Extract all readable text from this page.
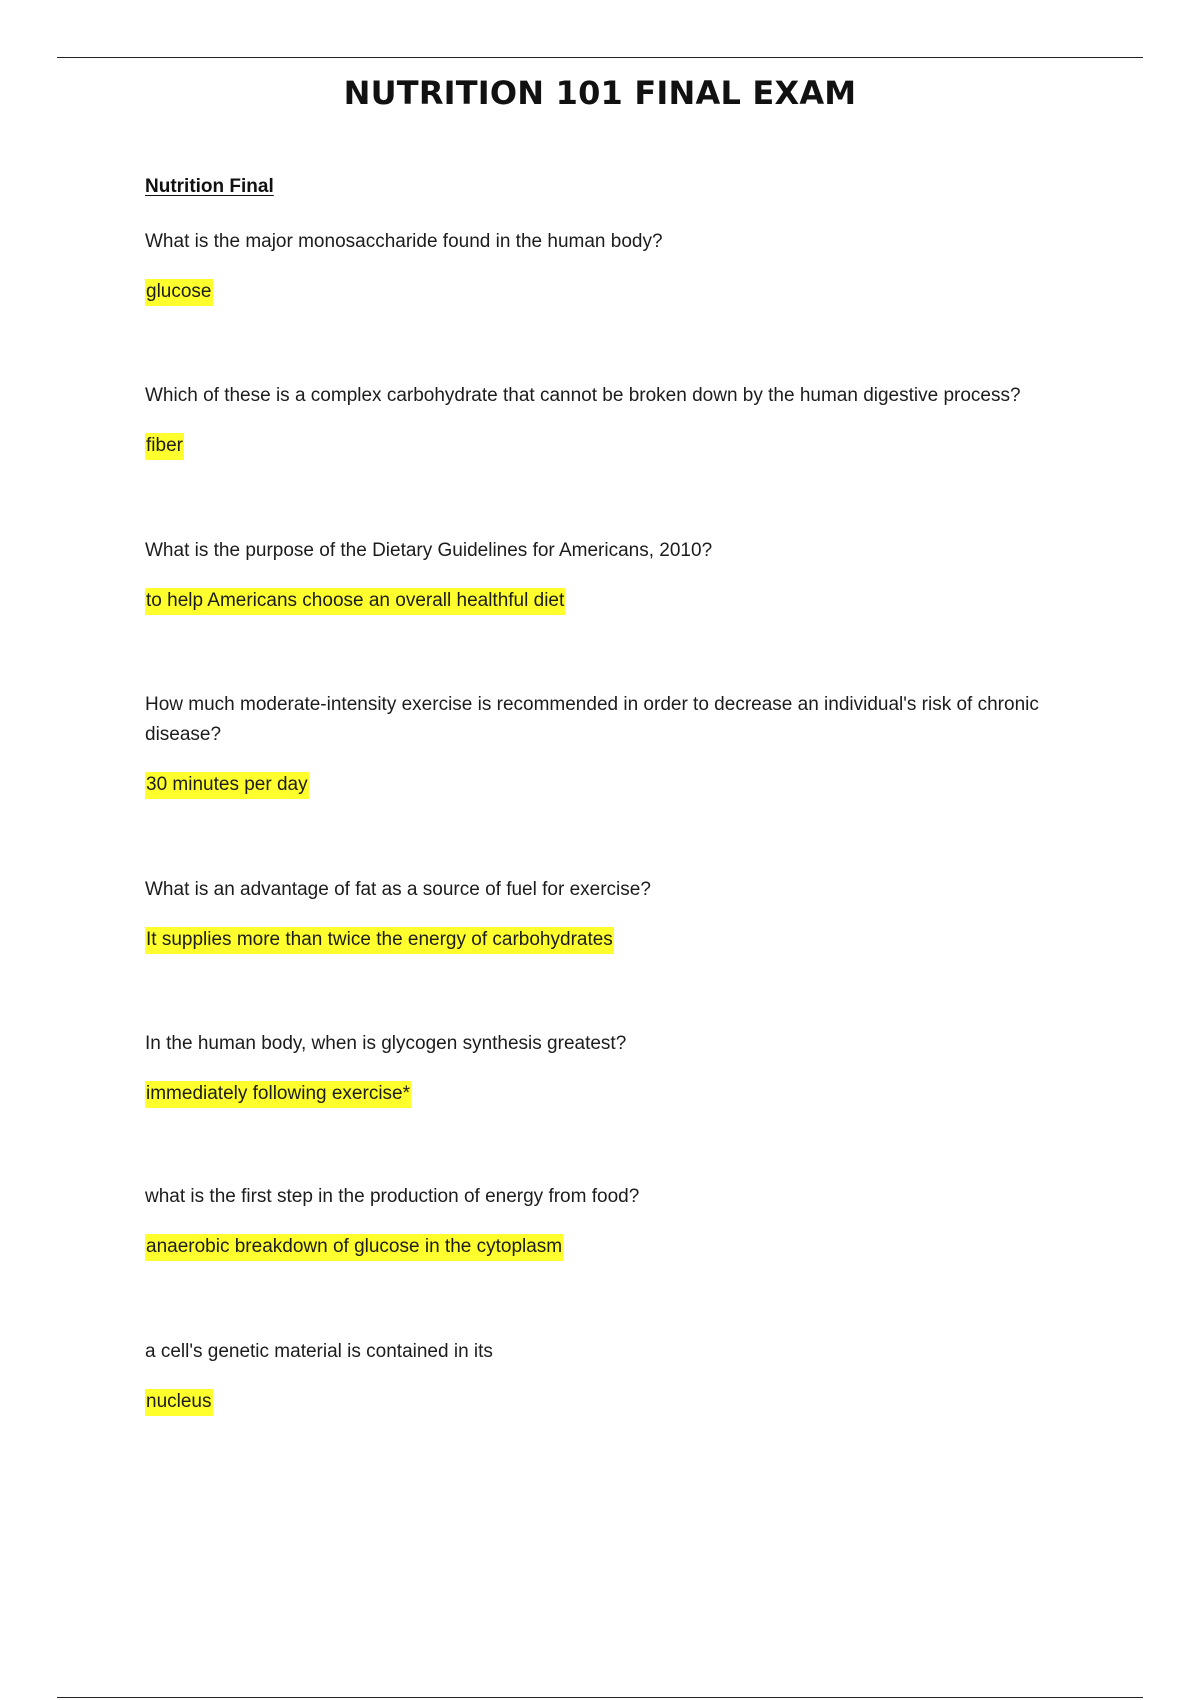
NUTRITION 101 FINAL EXAM
Nutrition Final

What is the major monosaccharide found in the human body?

glucose

Which of these is a complex carbohydrate that cannot be broken down by the human digestive process?

fiber

What is the purpose of the Dietary Guidelines for Americans, 2010?

to help Americans choose an overall healthful diet

How much moderate-intensity exercise is recommended in order to decrease an individual's risk of chronic disease?

30 minutes per day

What is an advantage of fat as a source of fuel for exercise?

It supplies more than twice the energy of carbohydrates

In the human body, when is glycogen synthesis greatest?

immediately following exercise*

what is the first step in the production of energy from food?

anaerobic breakdown of glucose in the cytoplasm

a cell's genetic material is contained in its

nucleus
